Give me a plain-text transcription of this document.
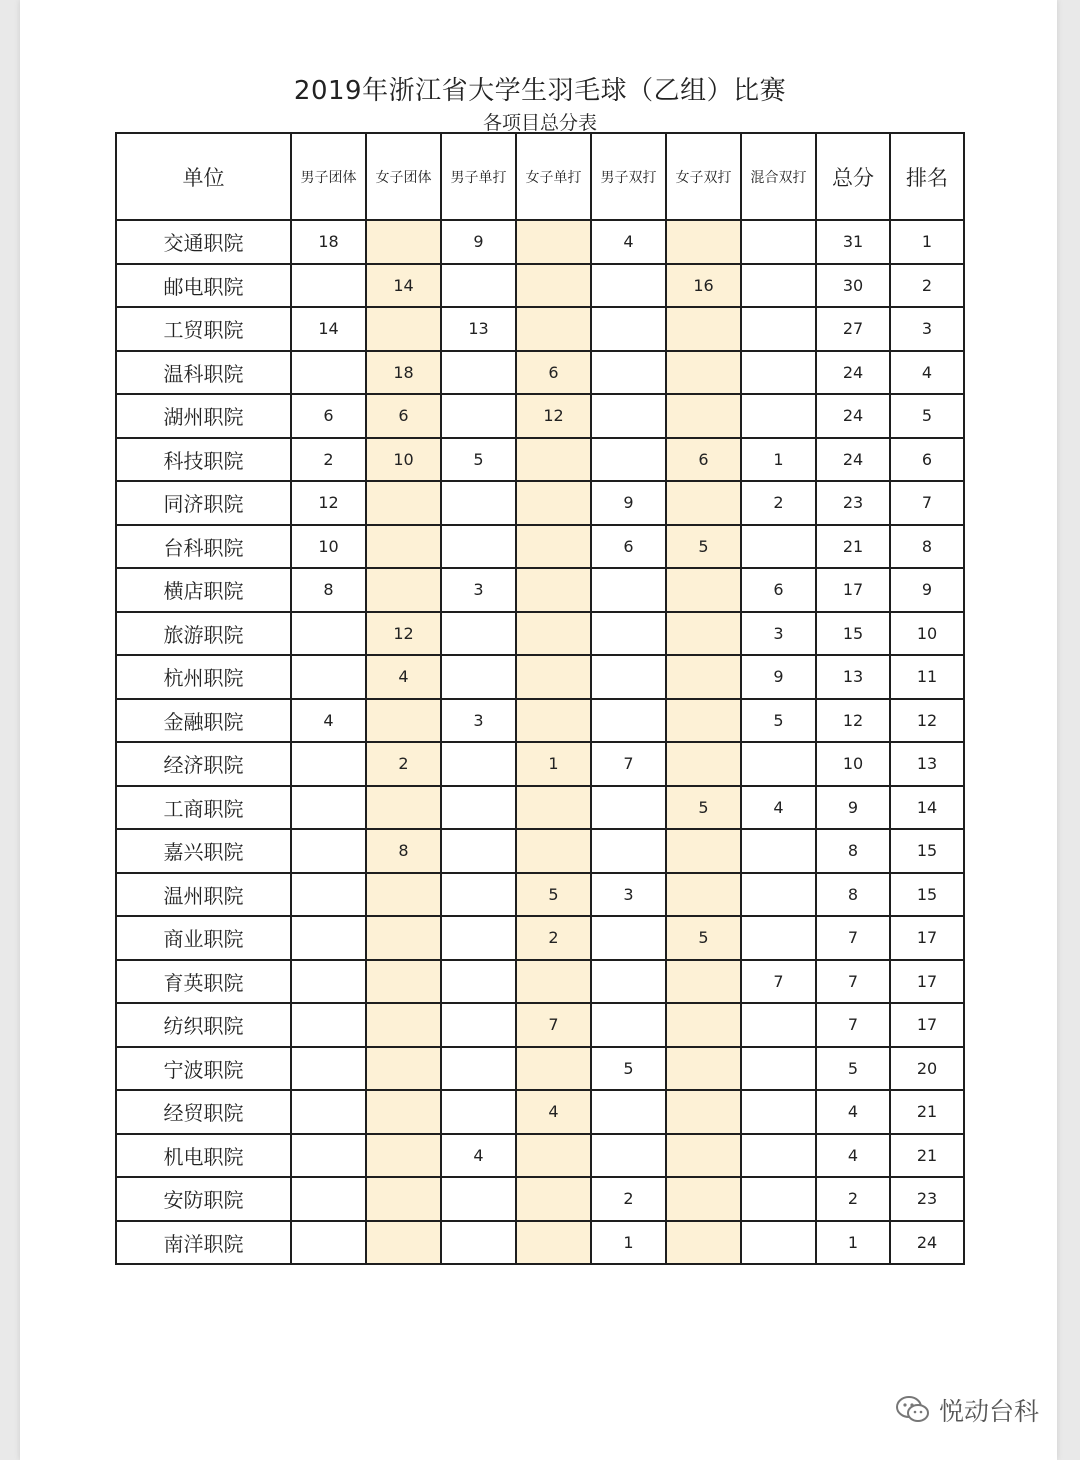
2019年浙江省大学生羽毛球（乙组）比赛
各项目总分表
单位	男子团体	女子团体	男子单打	女子单打	男子双打	女子双打	混合双打	总分	排名
交通职院	18		9		4			31	1
邮电职院		14				16		30	2
工贸职院	14		13					27	3
温科职院		18		6				24	4
湖州职院	6	6		12				24	5
科技职院	2	10	5			6	1	24	6
同济职院	12				9		2	23	7
台科职院	10				6	5		21	8
横店职院	8		3				6	17	9
旅游职院		12					3	15	10
杭州职院		4					9	13	11
金融职院	4		3				5	12	12
经济职院		2		1	7			10	13
工商职院						5	4	9	14
嘉兴职院		8						8	15
温州职院				5	3			8	15
商业职院				2		5		7	17
育英职院							7	7	17
纺织职院				7				7	17
宁波职院					5			5	20
经贸职院				4				4	21
机电职院			4					4	21
安防职院					2			2	23
南洋职院					1			1	24
悦动台科
